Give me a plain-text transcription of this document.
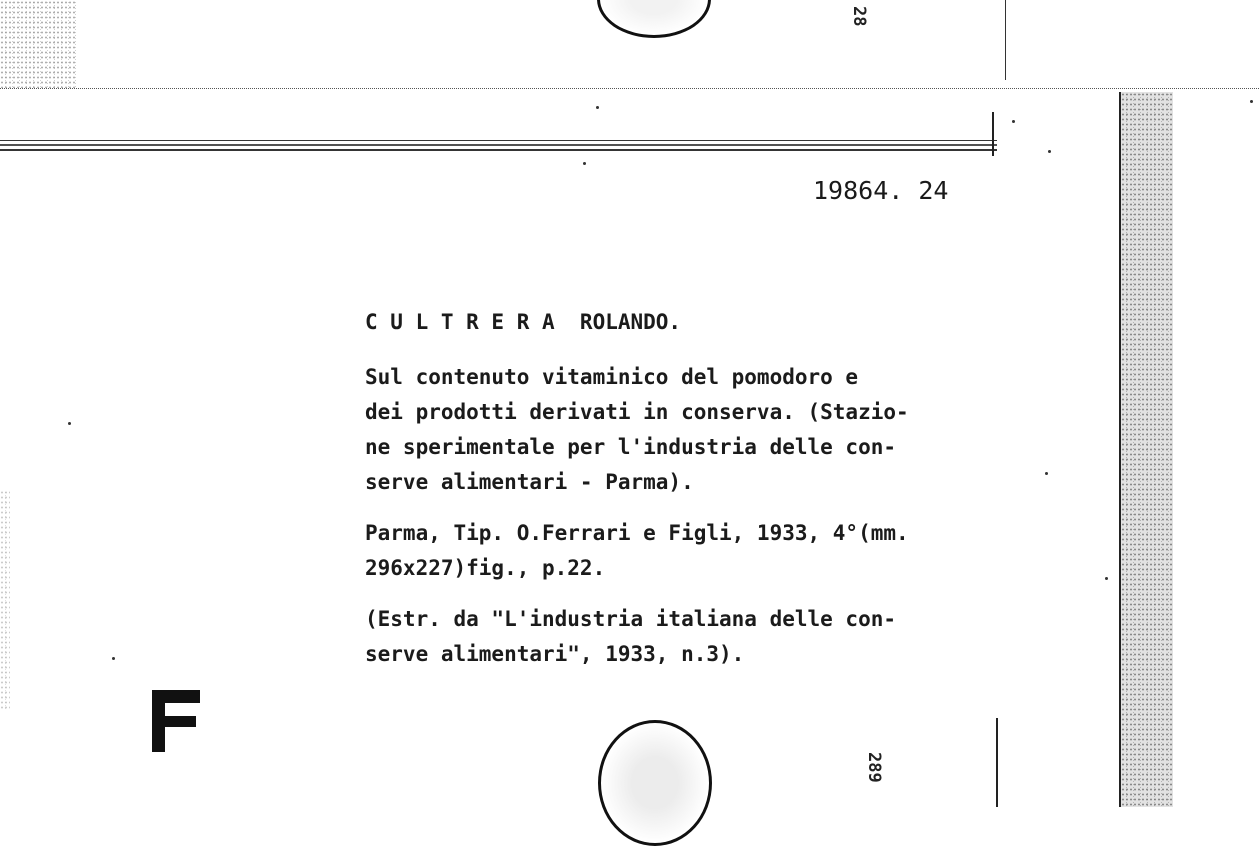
28
19864. 24

C U L T R E R A  ROLANDO.

Sul contenuto vitaminico del pomodoro e

dei prodotti derivati in conserva. (Stazio-

ne sperimentale per l'industria delle con-

serve alimentari - Parma).

Parma, Tip. O.Ferrari e Figli, 1933, 4°(mm.

296x227)fig., p.22.

(Estr. da "L'industria italiana delle con-

serve alimentari", 1933, n.3).

289
